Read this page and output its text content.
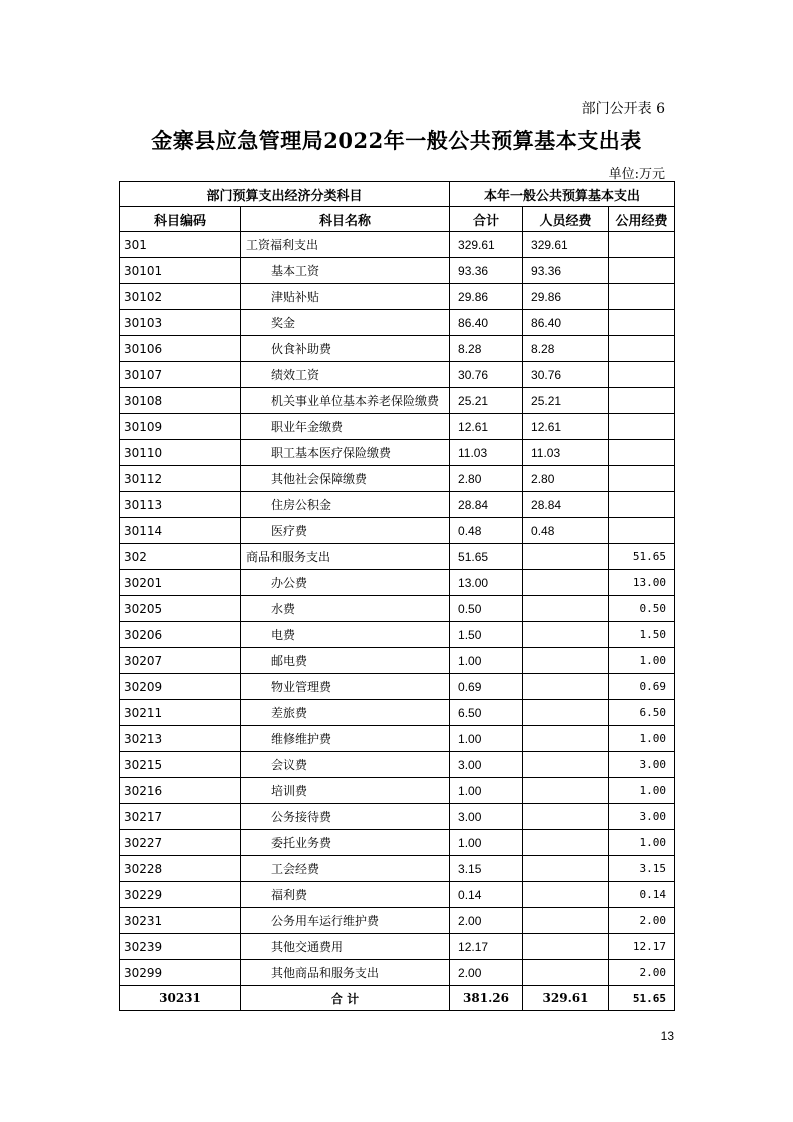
部门公开表 6
金寨县应急管理局2022年一般公共预算基本支出表
单位:万元
部门预算支出经济分类科目		本年一般公共预算基本支出		
科目编码	科目名称	合计	人员经费	公用经费
301	工资福利支出	329.61	329.61	
30101	基本工资	93.36	93.36	
30102	津贴补贴	29.86	29.86	
30103	奖金	86.40	86.40	
30106	伙食补助费	8.28	8.28	
30107	绩效工资	30.76	30.76	
30108	机关事业单位基本养老保险缴费	25.21	25.21	
30109	职业年金缴费	12.61	12.61	
30110	职工基本医疗保险缴费	11.03	11.03	
30112	其他社会保障缴费	2.80	2.80	
30113	住房公积金	28.84	28.84	
30114	医疗费	0.48	0.48	
302	商品和服务支出	51.65		51.65
30201	办公费	13.00		13.00
30205	水费	0.50		0.50
30206	电费	1.50		1.50
30207	邮电费	1.00		1.00
30209	物业管理费	0.69		0.69
30211	差旅费	6.50		6.50
30213	维修维护费	1.00		1.00
30215	会议费	3.00		3.00
30216	培训费	1.00		1.00
30217	公务接待费	3.00		3.00
30227	委托业务费	1.00		1.00
30228	工会经费	3.15		3.15
30229	福利费	0.14		0.14
30231	公务用车运行维护费	2.00		2.00
30239	其他交通费用	12.17		12.17
30299	其他商品和服务支出	2.00		2.00
30231	合 计	381.26	329.61	51.65
13
